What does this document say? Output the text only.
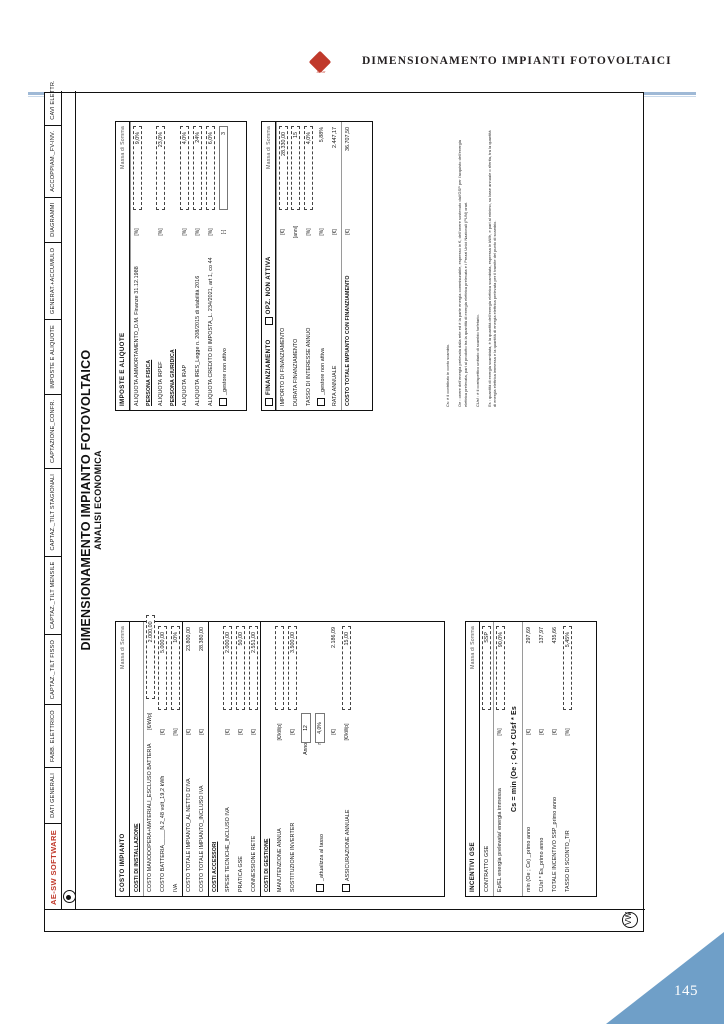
AE-SW
DIMENSIONAMENTO IMPIANTI FOTOVOLTAICI
VW
AE-SW SOFTWARE
DATI GENERALI
FABB. ELETTRICO
CAPTAZ._TILT FISSO
CAPTAZ._TILT MENSILE
CAPTAZ._TILT STAGIONALI
CAPTAZIONE_CONFR.
IMPOSTE E ALIQUOTE
GENERAT.+ACCUMULO
DIAGRAMMI
ACCOPPIAM._FV-INV.
CAVI ELETTR.
DIMENSIONAMENTO IMPIANTO FOTOVOLTAICO ANALISI ECONOMICA
COSTO IMPIANTO
Massa di Somma
COSTI DI INSTALLAZIONE COSTO MANODOPERA+MATERIALI_ESCLUSO BATTERIA
[€/kWp]
2.000,00
COSTO BATTERIA_____N.2_48 volt_19,2 kWh
[€]
5.000,00
IVA
[%]
10%
COSTO TOTALE IMPIANTO_AL NETTO D'IVA
[€]
23.800,00
COSTO TOTALE IMPIANTO_INCLUSO IVA
[€]
28.380,00
COSTI ACCESSORI SPESE TECNICHE_INCLUSO IVA
[€]
2.000,00
PRATICA GSE
[€]
50,00
CONNESSIONE RETE
[€]
2.551,00
COSTI DI GESTIONE MANUTENZIONE ANNUA
[€/kWp]
SOSTITUZIONE INVERTER
[€]
3.500,00
Anno
12
_attualizza al tasso
r
4,0%	[€]
2.186,09
ASSICURAZIONE ANNUALE
[€/kWp]
15,00
INCENTIVI GSE
Massa di Somma
CONTRATTO GSE
SSP
Ep/EL energia prelevata/ energia immessa
[%]
90,0%
Cs = min (Oe ; Ce) + CUsf * Es
min (Oe ; Ce) _primo anno
[€]
297,69
CUsf * Es_primo anno
[€]
137,97
TOTALE INCENTIVO SSP_primo anno
[€]
435,66
TASSO DI SCONTO_TIR
[%]
5,45%
IMPOSTE E ALIQUOTE
Massa di Somma
ALIQUOTA AMMORTAMENTO_D.M. Finanze 31.12.1988
[%]
9,0%
PERSONA FISICA ALIQUOTA IRPEF
[%]
23,0%
PERSONA GIURIDICA ALIQUOTA IRAP
[%]
4,0%
ALIQUOTA IRES_Legge n. 208/2015 di stabilità 2016
[%]
24%
ALIQUOTA CREDITO DI IMPOSTA_L. 234/2021, art 1, co 44
[%]
6,0%
_gestore non attivo
[-]
3
FINANZIAMENTO
OPZ. NON ATTIVA
Massa di Somma
IMPORTO DI FINANZIAMENTO
[€]
28.330,00
DURATA FINANZIAMENTO
[anni]
15
TASSO DI INTERESSE ANNUO
[%]
4,0%
_gestore non attiva
[%]
5,88%
RATA ANNUALE
[€]
2.447,17
COSTO TOTALE IMPIANTO CON FINANZIAMENTO
[€]
36.707,50
Cs: è il contributo in conto scambio. Oe : onere dell'energia prelevata dalla rete ed è la parte energia commisurabile, espresso in €, dell'onere sostenuto dall'GSP per l'acquisto dell'energia elettrica prelevata, pari al prodotto tra la quantità di energia elettrica prelevata e i Prezzi Unici Nazionali (PUN) orari. CUsf : è il corrispettivo unitario di scambio forfetario. Es : quantità di energia scambiata, è la quantità dell'energia elettrica scambiata, espressa in kWh, e pari al minimo, su base annuale o riferita, tra la quantità di energia elettrica immessa e la quantità di energia elettrica prelevata per il tramite del punto di scambio.
145
